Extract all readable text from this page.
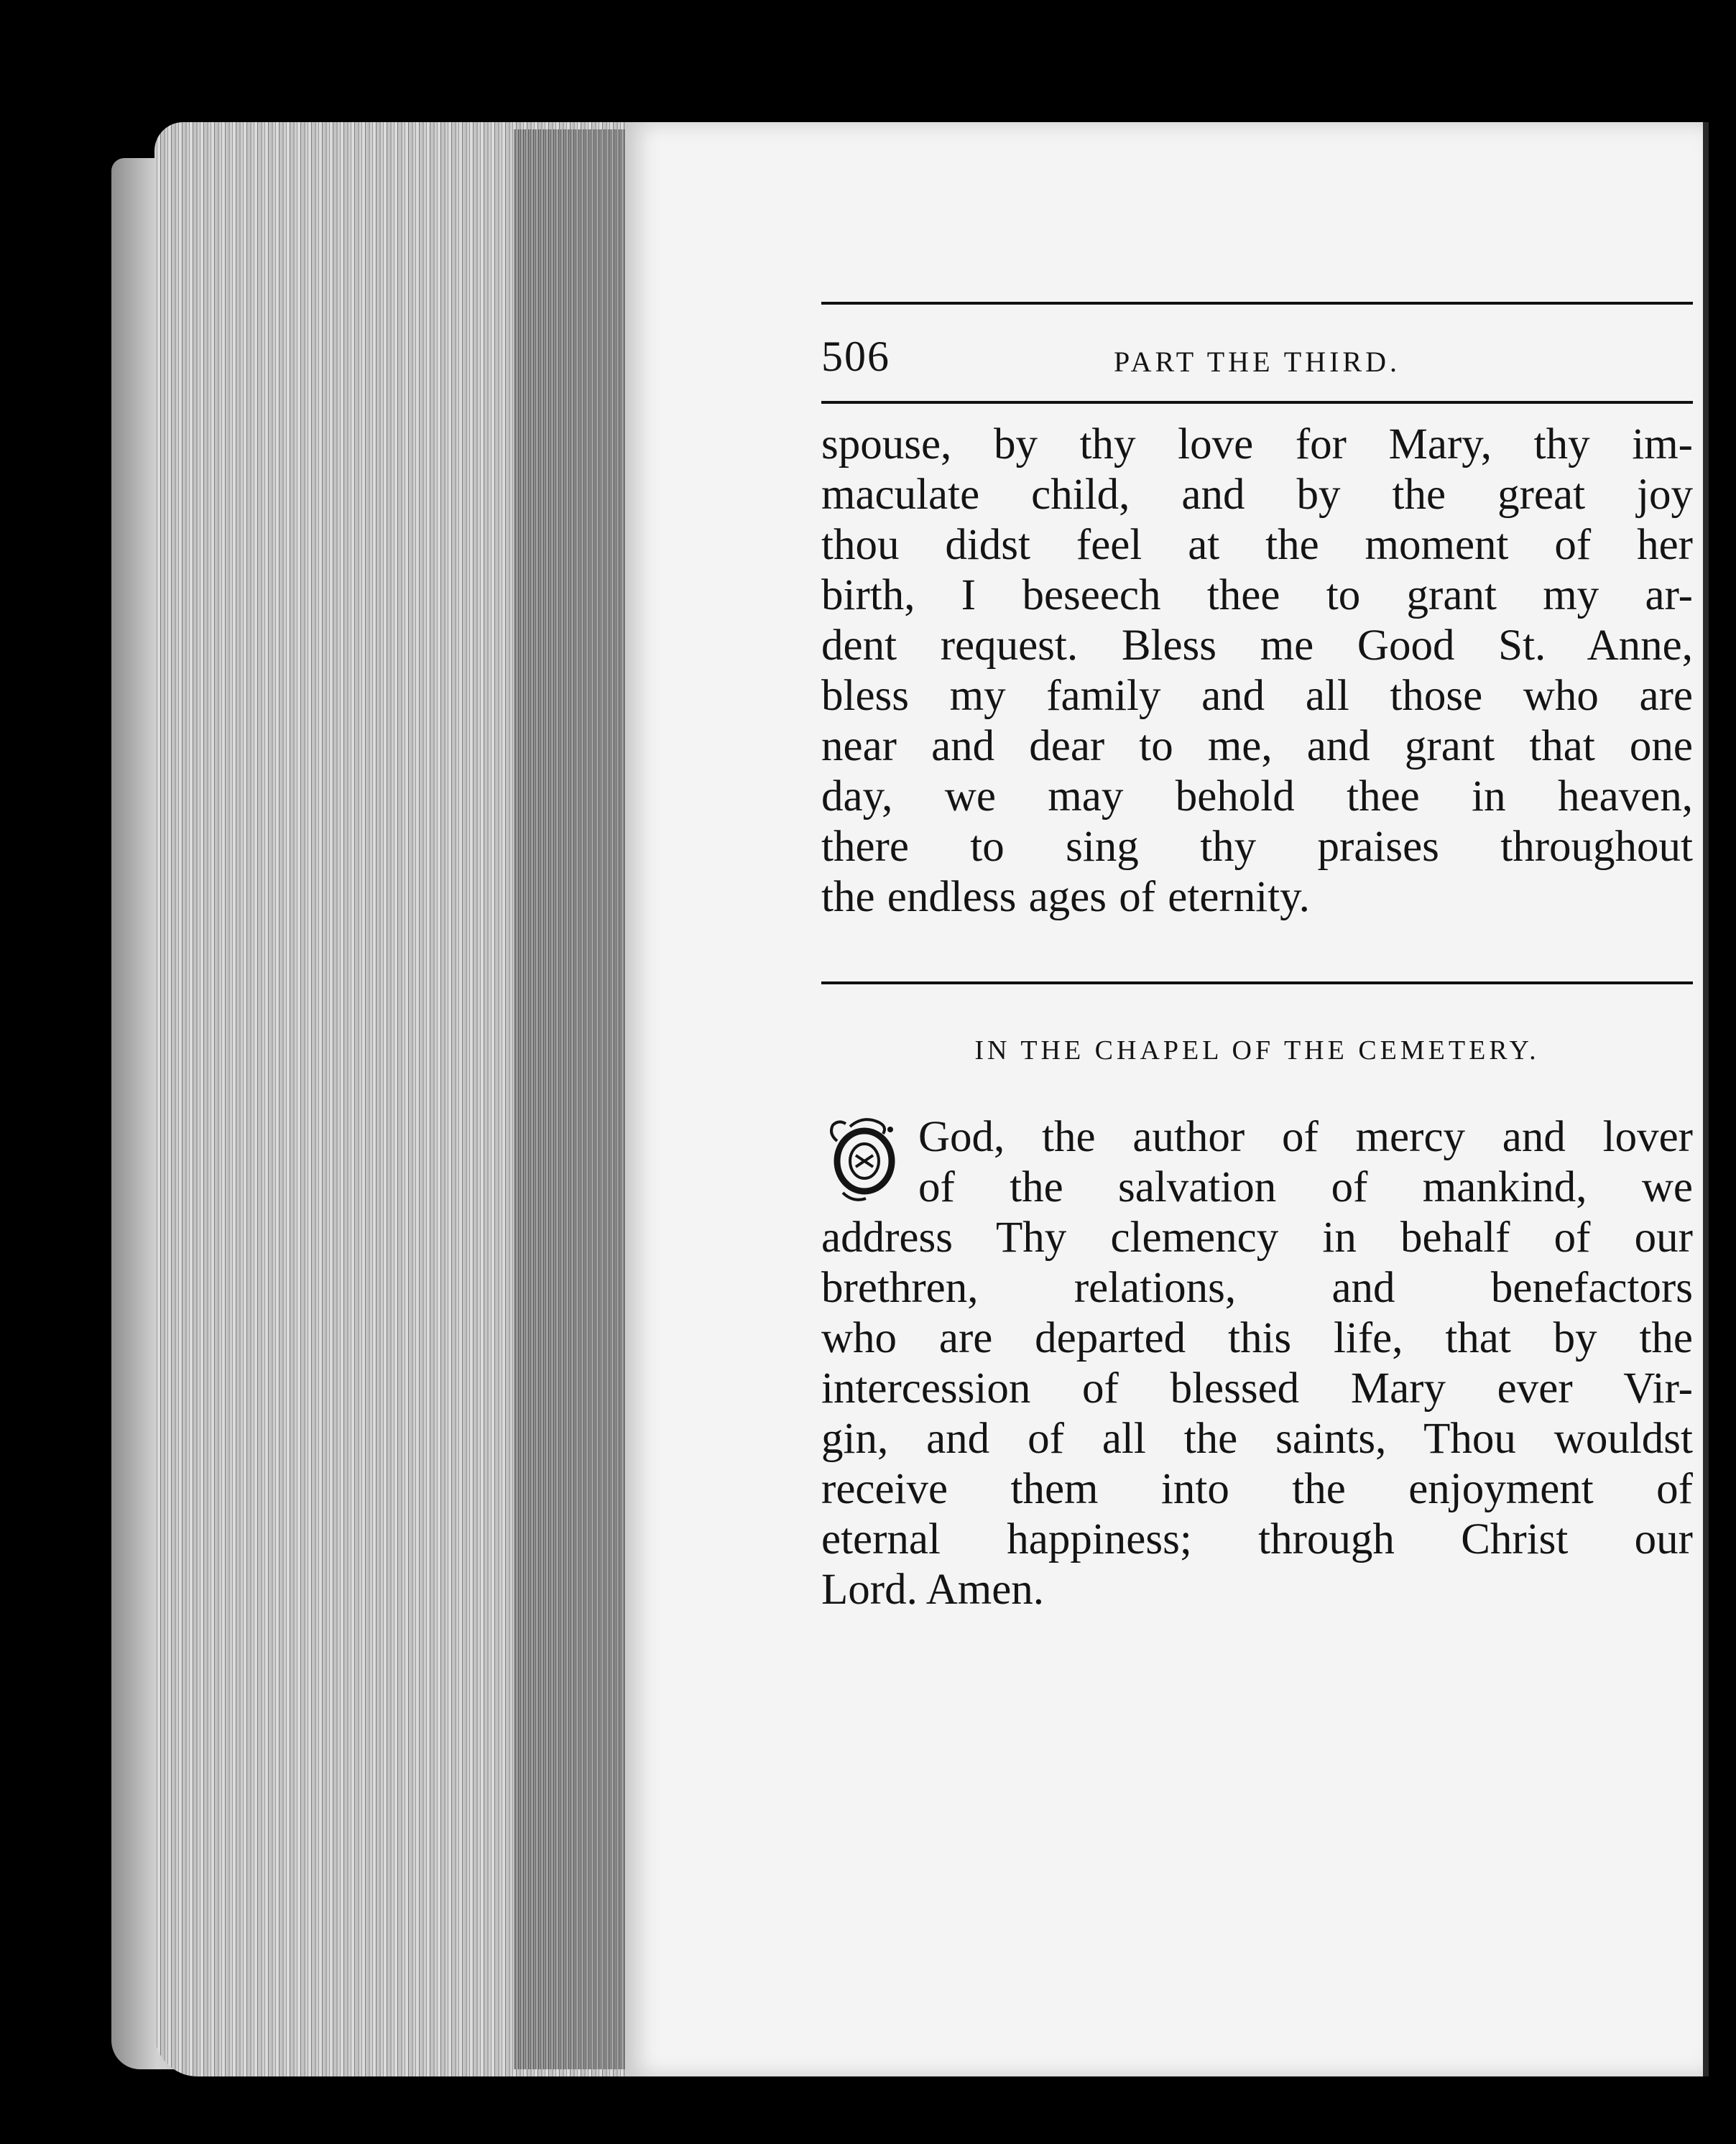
506	PART THE THIRD.
spouse, by thy love for Mary, thy im-
maculate child, and by the great joy
thou didst feel at the moment of her
birth, I beseech thee to grant my ar-
dent request. Bless me Good St. Anne,
bless my family and all those who are
near and dear to me, and grant that one
day, we may behold thee in heaven,
there to sing thy praises throughout
the endless ages of eternity.
IN THE CHAPEL OF THE CEMETERY.
God, the author of mercy and lover
of the salvation of mankind, we
address Thy clemency in behalf of our
brethren, relations, and benefactors
who are departed this life, that by the
intercession of blessed Mary ever Vir-
gin, and of all the saints, Thou wouldst
receive them into the enjoyment of
eternal happiness; through Christ our
Lord. Amen.
